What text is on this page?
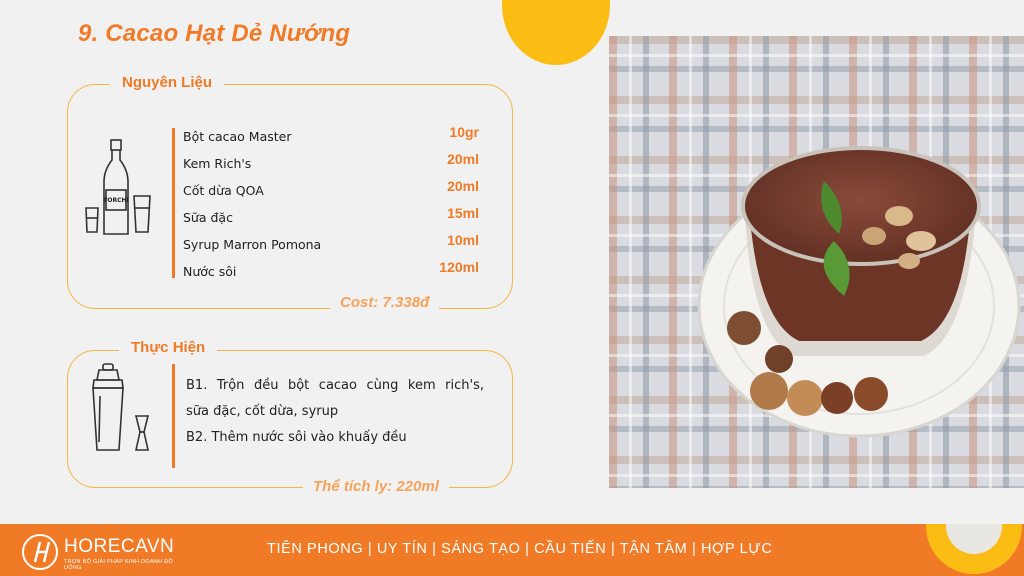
9. Cacao Hạt Dẻ Nướng
Nguyên Liệu
TORCHI
Bột cacao Master	10gr
Kem Rich's	20ml
Cốt dừa QOA	20ml
Sữa đặc	15ml
Syrup Marron Pomona	10ml
Nước sôi	120ml
Cost: 7.338đ
Thực Hiện
B1. Trộn đều bột cacao cùng kem rich's,
sữa đặc, cốt dừa, syrup
B2. Thêm nước sôi vào khuấy đều
Thể tích ly: 220ml
HORECAVN
TRỌN BỘ GIẢI PHÁP KINH DOANH ĐỒ UỐNG
TIÊN PHONG | UY TÍN | SÁNG TẠO | CẦU TIẾN | TẬN TÂM | HỢP LỰC
